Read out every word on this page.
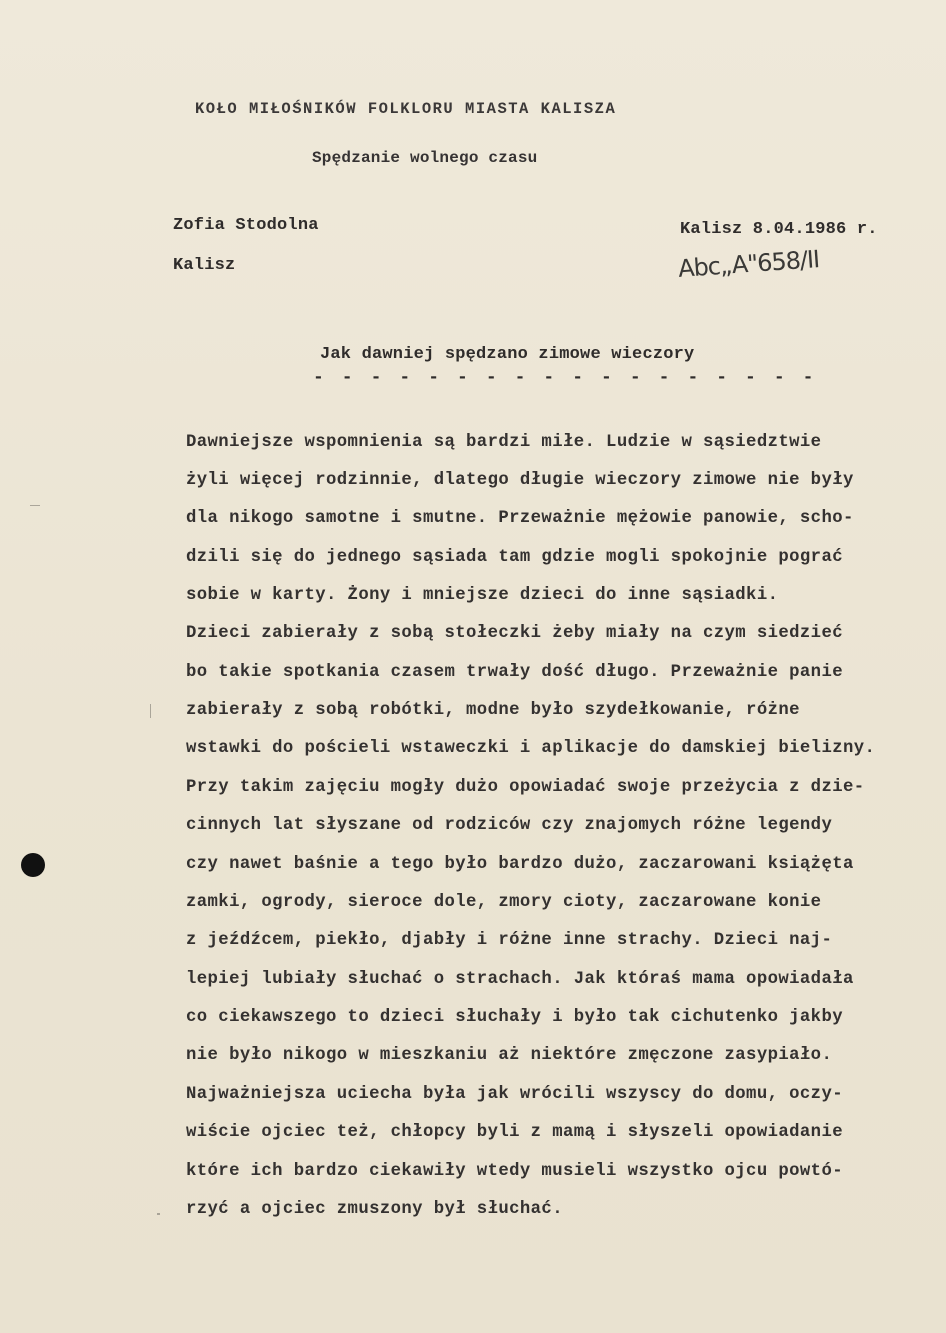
KOŁO MIŁOŚNIKÓW FOLKLORU MIASTA KALISZA
Spędzanie wolnego czasu
Zofia Stodolna
Kalisz
Kalisz 8.04.1986 r.
Abc„A"658/II
Jak dawniej spędzano zimowe wieczory
- - - - - - - - - - - - - - - - - -
Dawniejsze wspomnienia są bardzi miłe. Ludzie w sąsiedztwie
żyli więcej rodzinnie, dlatego długie wieczory zimowe nie były
dla nikogo samotne i smutne. Przeważnie mężowie panowie, scho-
dzili się do jednego sąsiada tam gdzie mogli spokojnie pograć
sobie w karty. Żony i mniejsze dzieci do inne sąsiadki.
Dzieci zabierały z sobą stołeczki żeby miały na czym siedzieć
bo takie spotkania czasem trwały dość długo. Przeważnie panie
zabierały z sobą robótki, modne było szydełkowanie, różne
wstawki do pościeli wstaweczki i aplikacje do damskiej bielizny.
Przy takim zajęciu mogły dużo opowiadać swoje przeżycia z dzie-
cinnych lat słyszane od rodziców czy znajomych różne legendy
czy nawet baśnie a tego było bardzo dużo, zaczarowani książęta
zamki, ogrody, sieroce dole, zmory cioty, zaczarowane konie
z jeźdźcem, piekło, djabły i różne inne strachy. Dzieci naj-
lepiej lubiały słuchać o strachach. Jak któraś mama opowiadała
co ciekawszego to dzieci słuchały i było tak cichutenko jakby
nie było nikogo w mieszkaniu aż niektóre zmęczone zasypiało.
Najważniejsza uciecha była jak wrócili wszyscy do domu, oczy-
wiście ojciec też, chłopcy byli z mamą i słyszeli opowiadanie
które ich bardzo ciekawiły wtedy musieli wszystko ojcu powtó-
rzyć a ojciec zmuszony był słuchać.
